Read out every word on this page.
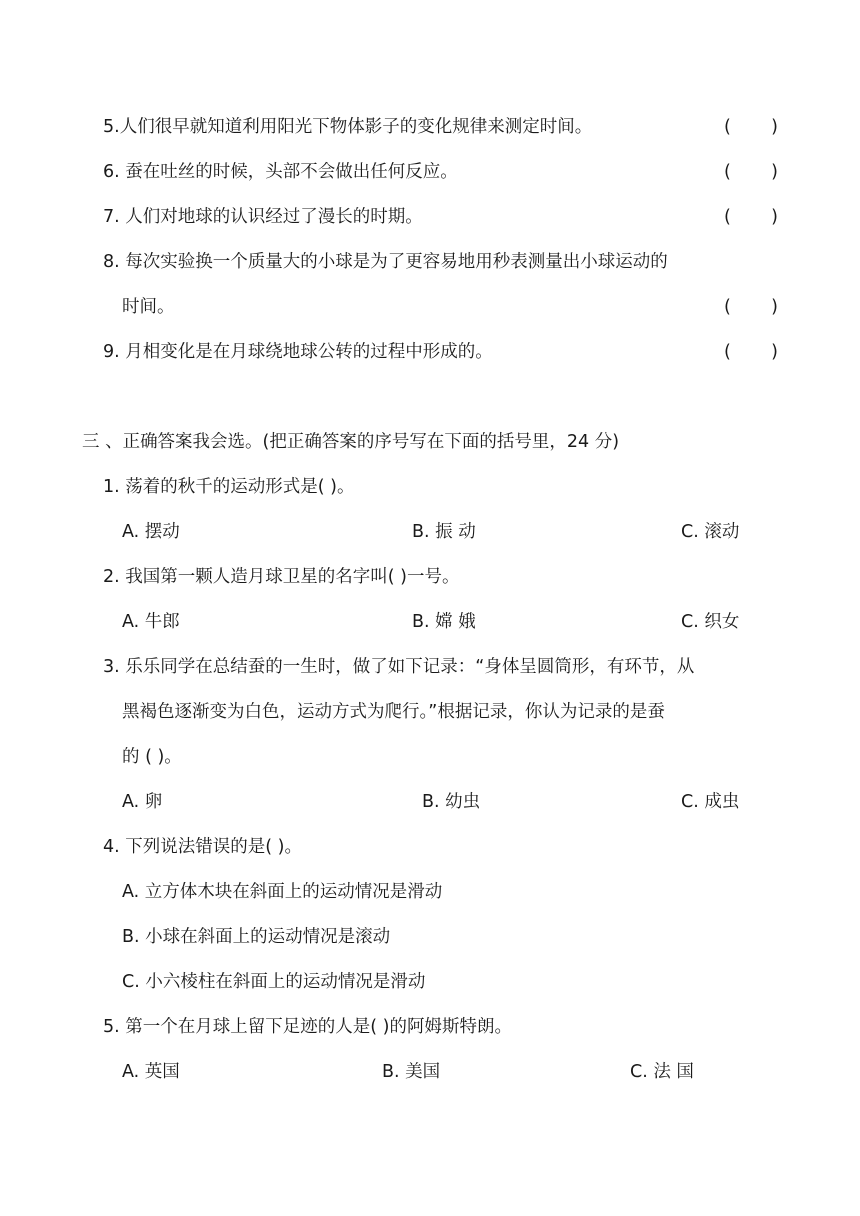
5.人们很早就知道利用阳光下物体影子的变化规律来测定时间。	( )
6. 蚕在吐丝的时候，头部不会做出任何反应。	( )
7. 人们对地球的认识经过了漫长的时期。	( )
8. 每次实验换一个质量大的小球是为了更容易地用秒表测量出小球运动的
时间。	( )
9. 月相变化是在月球绕地球公转的过程中形成的。	( )
三 、正确答案我会选。(把正确答案的序号写在下面的括号里，24 分)
1. 荡着的秋千的运动形式是( )。
A. 摆动	B. 振 动	C. 滚动
2. 我国第一颗人造月球卫星的名字叫( )一号。
A. 牛郎	B. 嫦 娥	C. 织女
3. 乐乐同学在总结蚕的一生时，做了如下记录：“身体呈圆筒形，有环节，从
黑褐色逐渐变为白色，运动方式为爬行。”根据记录，你认为记录的是蚕
的 ( )。
A. 卵	B. 幼虫	C. 成虫
4. 下列说法错误的是( )。
A. 立方体木块在斜面上的运动情况是滑动
B. 小球在斜面上的运动情况是滚动
C. 小六棱柱在斜面上的运动情况是滑动
5. 第一个在月球上留下足迹的人是( )的阿姆斯特朗。
A. 英国	B. 美国	C. 法 国
